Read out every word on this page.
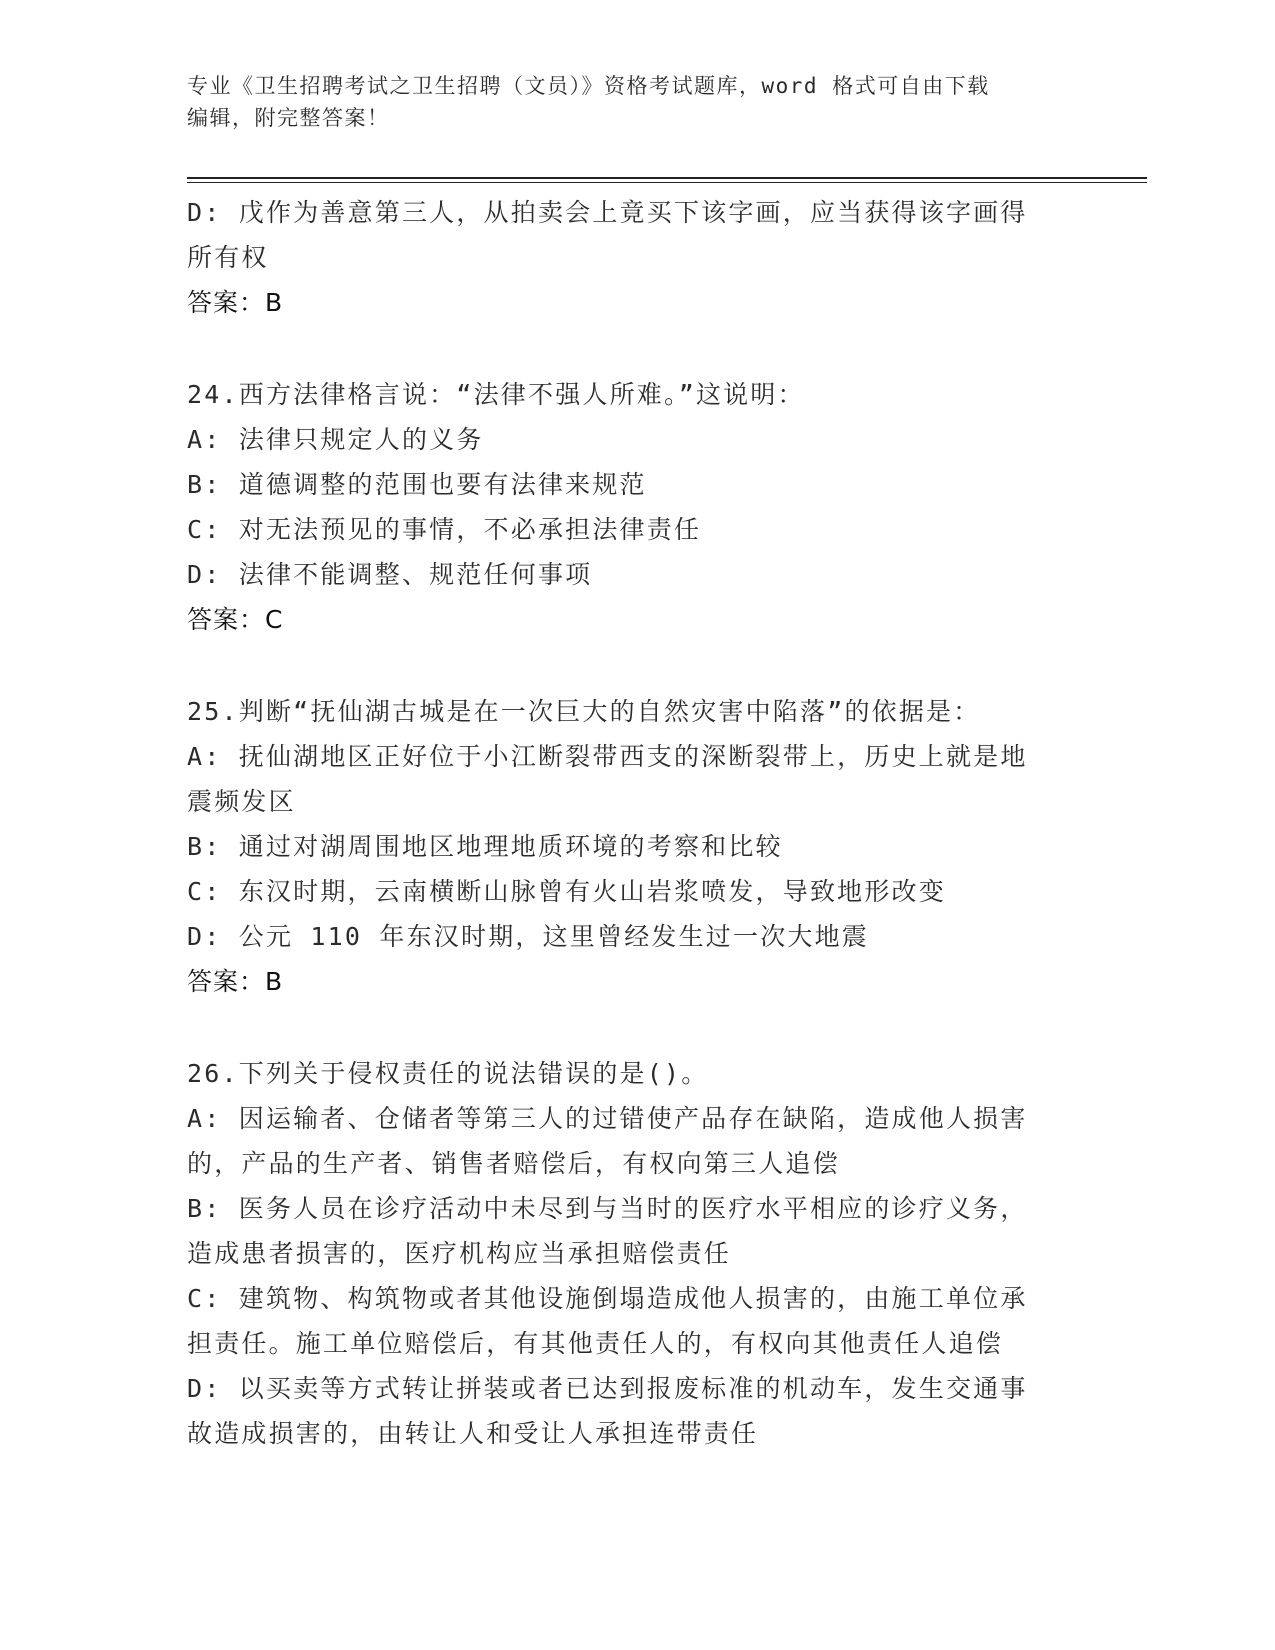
专业《卫生招聘考试之卫生招聘（文员）》资格考试题库，word 格式可自由下载
编辑，附完整答案！
D: 戊作为善意第三人，从拍卖会上竟买下该字画，应当获得该字画得
所有权
答案：B
24.西方法律格言说：“法律不强人所难。”这说明：
A: 法律只规定人的义务
B: 道德调整的范围也要有法律来规范
C: 对无法预见的事情，不必承担法律责任
D: 法律不能调整、规范任何事项
答案：C
25.判断“抚仙湖古城是在一次巨大的自然灾害中陷落”的依据是：
A: 抚仙湖地区正好位于小江断裂带西支的深断裂带上，历史上就是地
震频发区
B: 通过对湖周围地区地理地质环境的考察和比较
C: 东汉时期，云南横断山脉曾有火山岩浆喷发，导致地形改变
D: 公元 110 年东汉时期，这里曾经发生过一次大地震
答案：B
26.下列关于侵权责任的说法错误的是()。
A: 因运输者、仓储者等第三人的过错使产品存在缺陷，造成他人损害
的，产品的生产者、销售者赔偿后，有权向第三人追偿
B: 医务人员在诊疗活动中未尽到与当时的医疗水平相应的诊疗义务，
造成患者损害的，医疗机构应当承担赔偿责任
C: 建筑物、构筑物或者其他设施倒塌造成他人损害的，由施工单位承
担责任。施工单位赔偿后，有其他责任人的，有权向其他责任人追偿
D: 以买卖等方式转让拼装或者已达到报废标准的机动车，发生交通事
故造成损害的，由转让人和受让人承担连带责任
